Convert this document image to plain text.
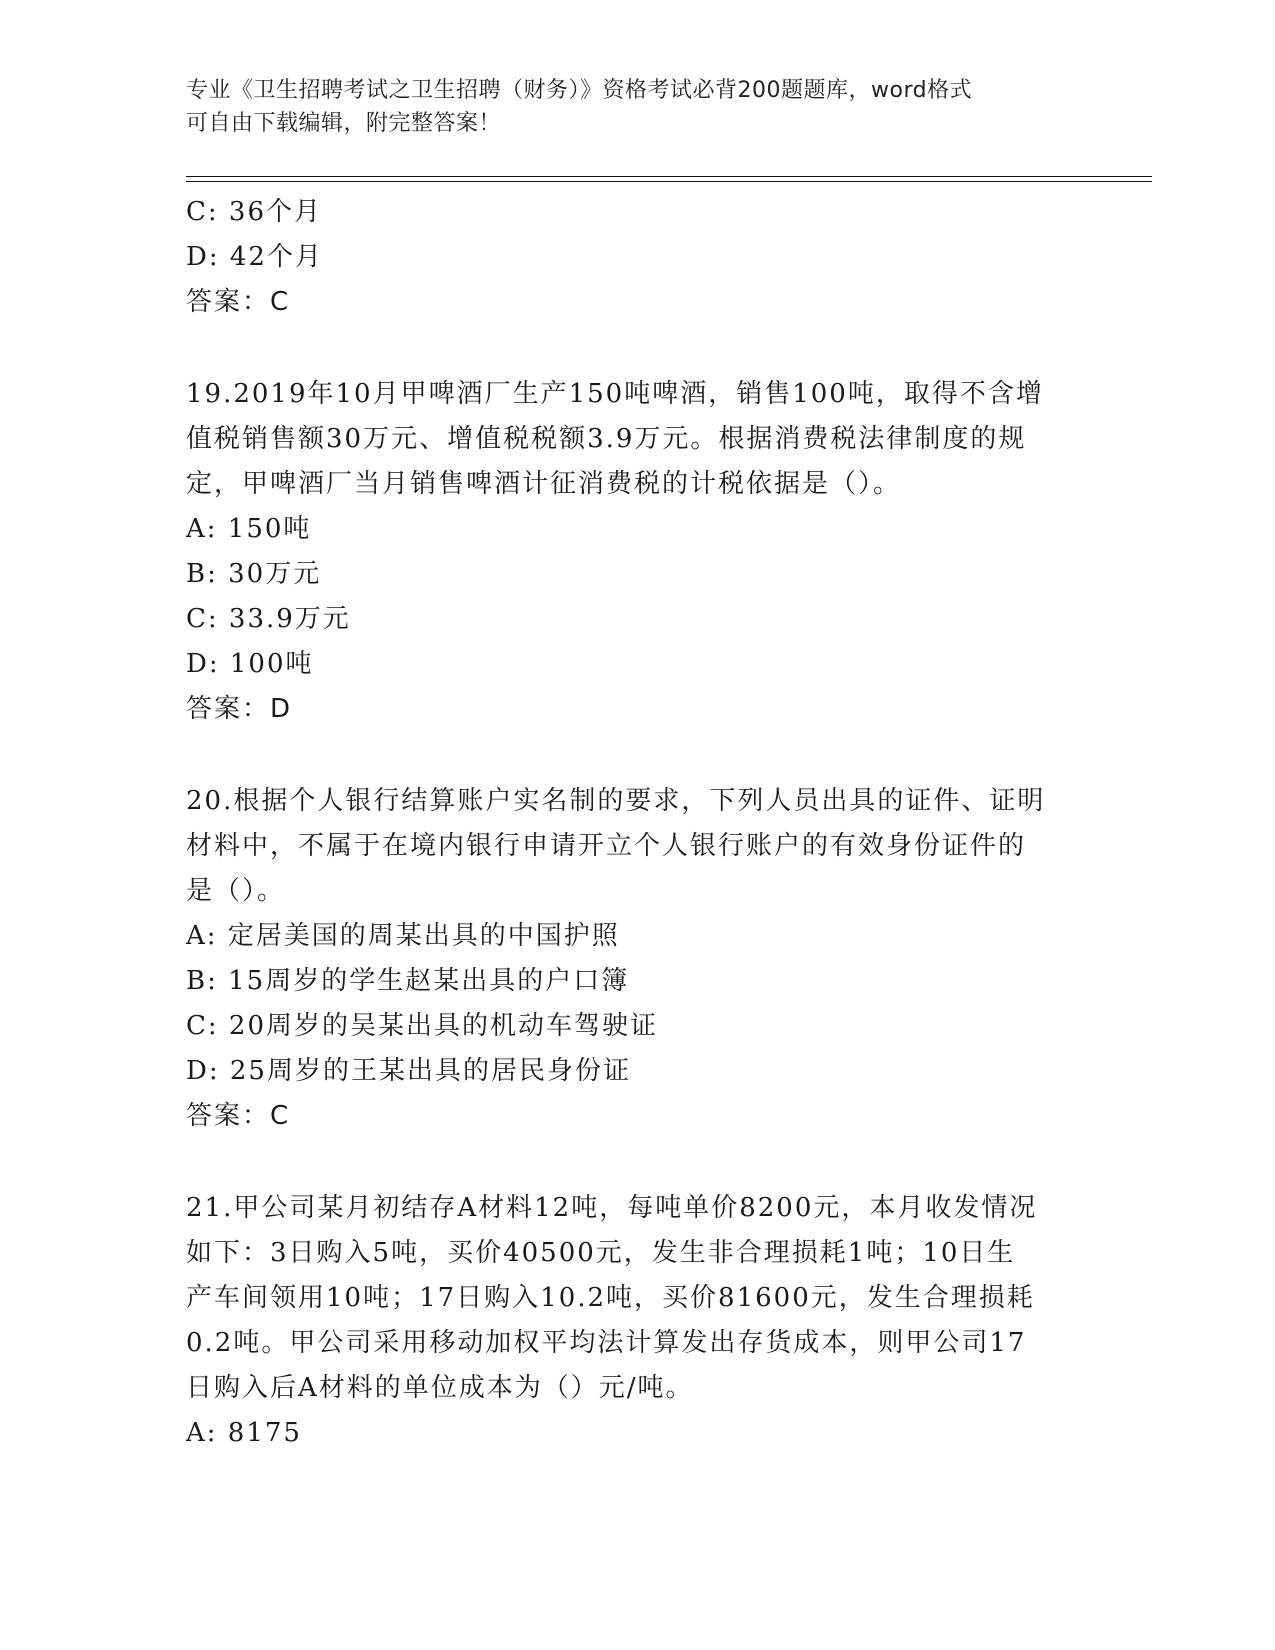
专业《卫生招聘考试之卫生招聘（财务）》资格考试必背200题题库，word格式
可自由下载编辑，附完整答案！
C: 36个月
D: 42个月
答案：C
19.2019年10月甲啤酒厂生产150吨啤酒，销售100吨，取得不含增
值税销售额30万元、增值税税额3.9万元。根据消费税法律制度的规
定，甲啤酒厂当月销售啤酒计征消费税的计税依据是（）。
A: 150吨
B: 30万元
C: 33.9万元
D: 100吨
答案：D
20.根据个人银行结算账户实名制的要求，下列人员出具的证件、证明
材料中，不属于在境内银行申请开立个人银行账户的有效身份证件的
是（）。
A: 定居美国的周某出具的中国护照
B: 15周岁的学生赵某出具的户口簿
C: 20周岁的吴某出具的机动车驾驶证
D: 25周岁的王某出具的居民身份证
答案：C
21.甲公司某月初结存A材料12吨，每吨单价8200元，本月收发情况
如下：3日购入5吨，买价40500元，发生非合理损耗1吨；10日生
产车间领用10吨；17日购入10.2吨，买价81600元，发生合理损耗
0.2吨。甲公司采用移动加权平均法计算发出存货成本，则甲公司17
日购入后A材料的单位成本为（）元/吨。
A: 8175
